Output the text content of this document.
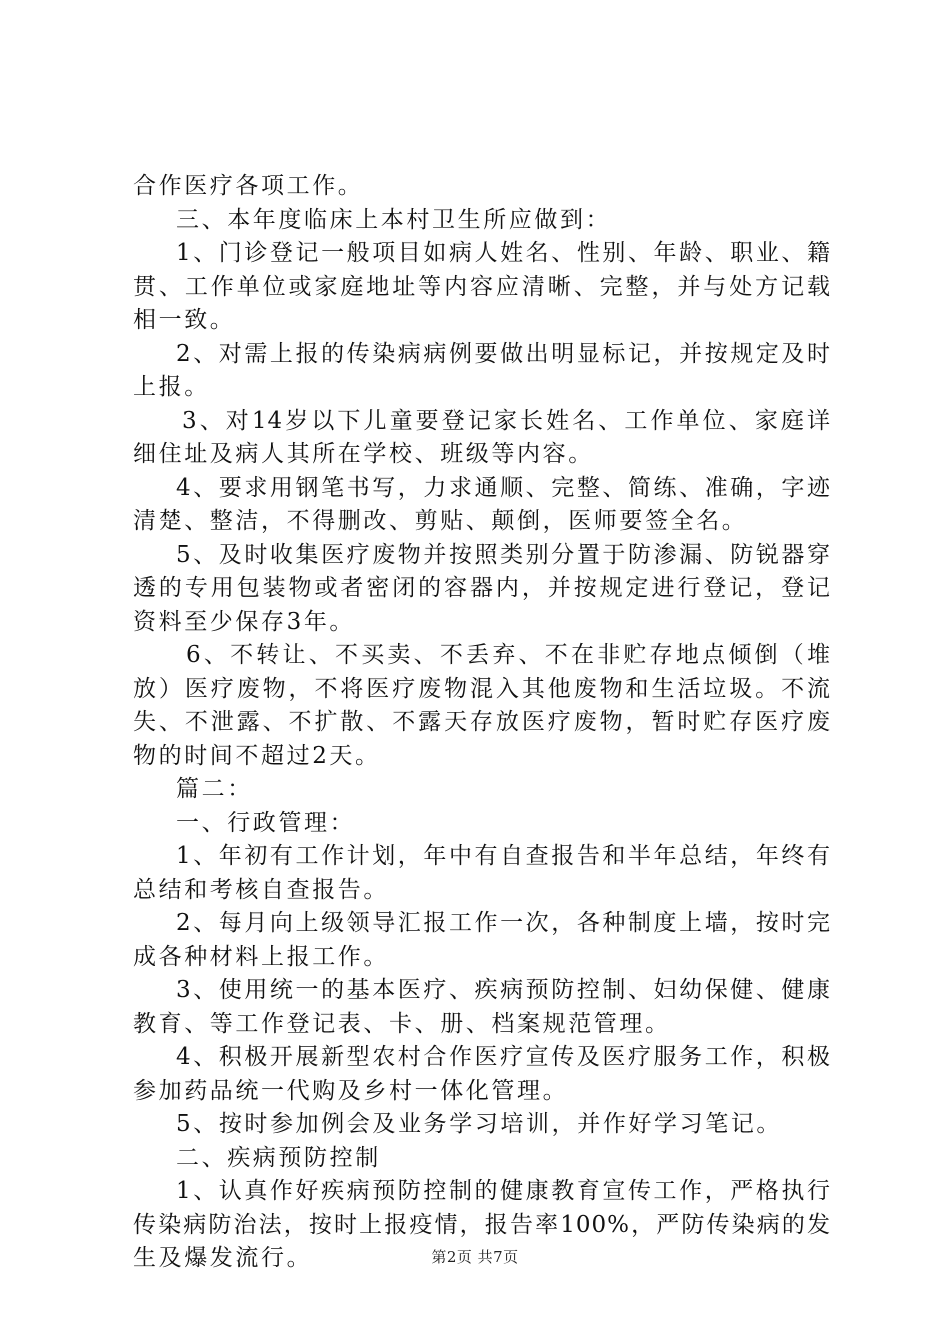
合作医疗各项工作。
三、本年度临床上本村卫生所应做到：
1、门诊登记一般项目如病人姓名、性别、年龄、职业、籍
贯、工作单位或家庭地址等内容应清晰、完整，并与处方记载
相一致。
2、对需上报的传染病病例要做出明显标记，并按规定及时
上报。
3、对14岁以下儿童要登记家长姓名、工作单位、家庭详
细住址及病人其所在学校、班级等内容。
4、要求用钢笔书写，力求通顺、完整、简练、准确，字迹
清楚、整洁，不得删改、剪贴、颠倒，医师要签全名。
5、及时收集医疗废物并按照类别分置于防渗漏、防锐器穿
透的专用包装物或者密闭的容器内，并按规定进行登记，登记
资料至少保存3年。
6、不转让、不买卖、不丢弃、不在非贮存地点倾倒（堆
放）医疗废物，不将医疗废物混入其他废物和生活垃圾。不流
失、不泄露、不扩散、不露天存放医疗废物，暂时贮存医疗废
物的时间不超过2天。
篇二：
一、行政管理：
1、年初有工作计划，年中有自查报告和半年总结，年终有
总结和考核自查报告。
2、每月向上级领导汇报工作一次，各种制度上墙，按时完
成各种材料上报工作。
3、使用统一的基本医疗、疾病预防控制、妇幼保健、健康
教育、等工作登记表、卡、册、档案规范管理。
4、积极开展新型农村合作医疗宣传及医疗服务工作，积极
参加药品统一代购及乡村一体化管理。
5、按时参加例会及业务学习培训，并作好学习笔记。
二、疾病预防控制
1、认真作好疾病预防控制的健康教育宣传工作，严格执行
传染病防治法，按时上报疫情，报告率100%，严防传染病的发
生及爆发流行。	第2页 共7页
